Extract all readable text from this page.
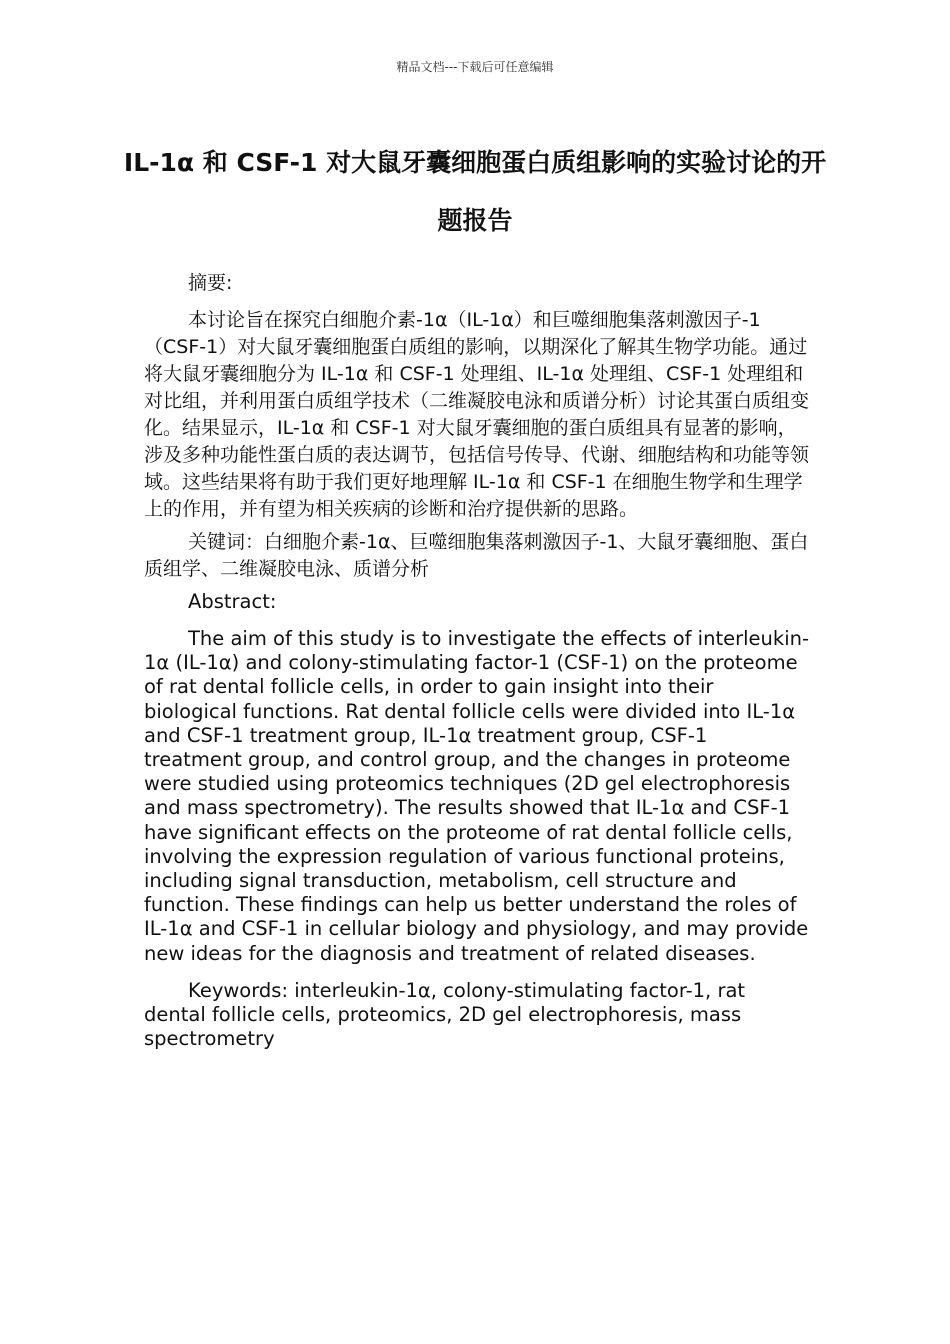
精品文档---下载后可任意编辑
IL-1α 和 CSF-1 对大鼠牙囊细胞蛋白质组影响的实验讨论的开题报告

摘要:

本讨论旨在探究白细胞介素-1α（IL-1α）和巨噬细胞集落刺激因子-1（CSF-1）对大鼠牙囊细胞蛋白质组的影响，以期深化了解其生物学功能。通过将大鼠牙囊细胞分为 IL-1α 和 CSF-1 处理组、IL-1α 处理组、CSF-1 处理组和对比组，并利用蛋白质组学技术（二维凝胶电泳和质谱分析）讨论其蛋白质组变化。结果显示，IL-1α 和 CSF-1 对大鼠牙囊细胞的蛋白质组具有显著的影响，涉及多种功能性蛋白质的表达调节，包括信号传导、代谢、细胞结构和功能等领域。这些结果将有助于我们更好地理解 IL-1α 和 CSF-1 在细胞生物学和生理学上的作用，并有望为相关疾病的诊断和治疗提供新的思路。

关键词：白细胞介素-1α、巨噬细胞集落刺激因子-1、大鼠牙囊细胞、蛋白质组学、二维凝胶电泳、质谱分析

Abstract:

The aim of this study is to investigate the effects of interleukin-1α (IL-1α) and colony-stimulating factor-1 (CSF-1) on the proteome of rat dental follicle cells, in order to gain insight into their biological functions. Rat dental follicle cells were divided into IL-1α and CSF-1 treatment group, IL-1α treatment group, CSF-1 treatment group, and control group, and the changes in proteome were studied using proteomics techniques (2D gel electrophoresis and mass spectrometry). The results showed that IL-1α and CSF-1 have significant effects on the proteome of rat dental follicle cells, involving the expression regulation of various functional proteins, including signal transduction, metabolism, cell structure and function. These findings can help us better understand the roles of IL-1α and CSF-1 in cellular biology and physiology, and may provide new ideas for the diagnosis and treatment of related diseases.

Keywords: interleukin-1α, colony-stimulating factor-1, rat dental follicle cells, proteomics, 2D gel electrophoresis, mass spectrometry
